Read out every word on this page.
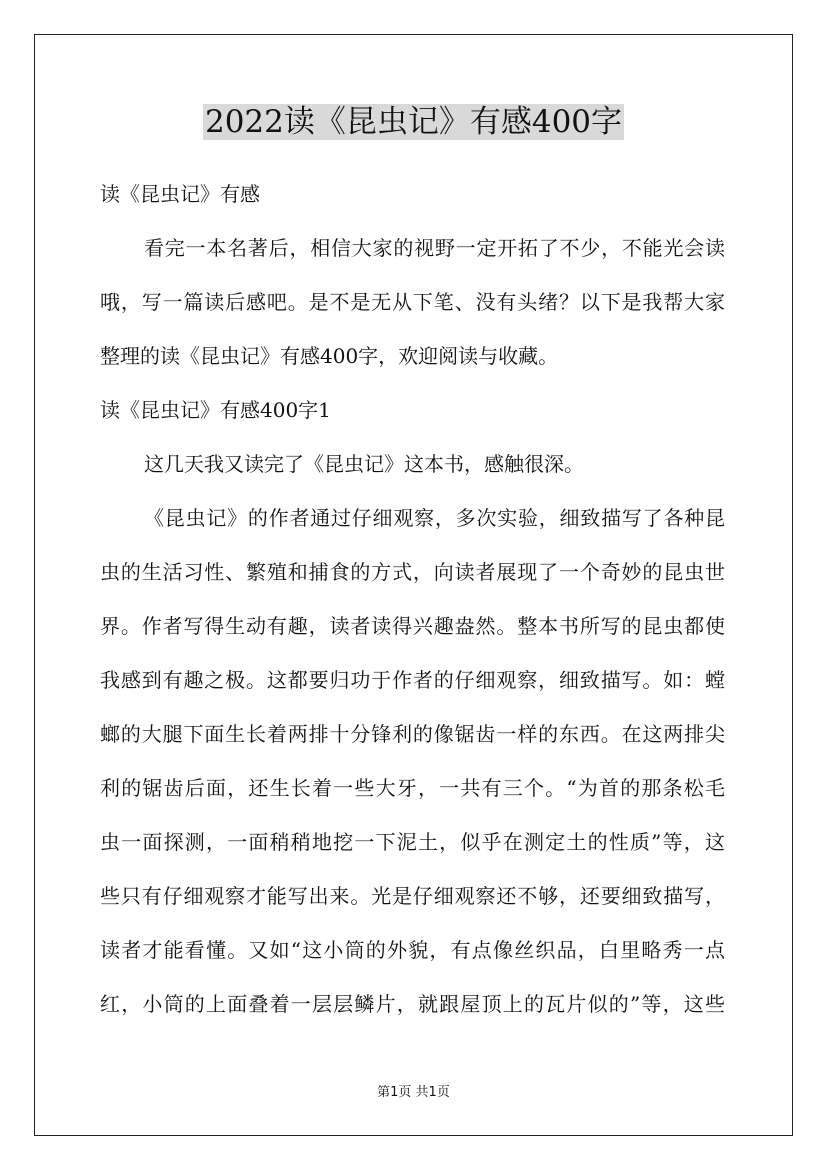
2022读《昆虫记》有感400字
读《昆虫记》有感
看完一本名著后，相信大家的视野一定开拓了不少，不能光会读
哦，写一篇读后感吧。是不是无从下笔、没有头绪？以下是我帮大家
整理的读《昆虫记》有感400字，欢迎阅读与收藏。
读《昆虫记》有感400字1
这几天我又读完了《昆虫记》这本书，感触很深。
《昆虫记》的作者通过仔细观察，多次实验，细致描写了各种昆
虫的生活习性、繁殖和捕食的方式，向读者展现了一个奇妙的昆虫世
界。作者写得生动有趣，读者读得兴趣盎然。整本书所写的昆虫都使
我感到有趣之极。这都要归功于作者的仔细观察，细致描写。如：螳
螂的大腿下面生长着两排十分锋利的像锯齿一样的东西。在这两排尖
利的锯齿后面，还生长着一些大牙，一共有三个。“为首的那条松毛
虫一面探测，一面稍稍地挖一下泥土，似乎在测定土的性质”等，这
些只有仔细观察才能写出来。光是仔细观察还不够，还要细致描写，
读者才能看懂。又如“这小筒的外貌，有点像丝织品，白里略秀一点
红，小筒的上面叠着一层层鳞片，就跟屋顶上的瓦片似的”等，这些
第1页 共1页
